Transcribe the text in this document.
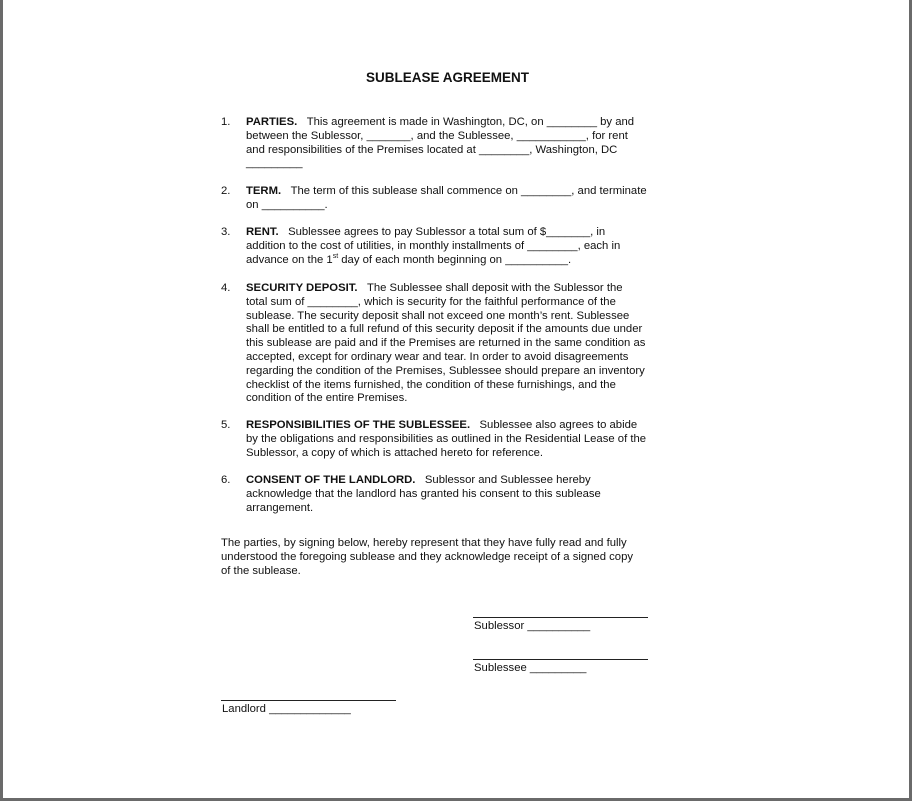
SUBLEASE AGREEMENT
1. PARTIES. This agreement is made in Washington, DC, on ________ by and
between the Sublessor, _______, and the Sublessee, ___________, for rent
and responsibilities of the Premises located at ________, Washington, DC
_________
2. TERM. The term of this sublease shall commence on ________, and terminate
on __________.
3. RENT. Sublessee agrees to pay Sublessor a total sum of $_______, in
addition to the cost of utilities, in monthly installments of ________, each in
advance on the 1st day of each month beginning on __________.
4. SECURITY DEPOSIT. The Sublessee shall deposit with the Sublessor the
total sum of ________, which is security for the faithful performance of the
sublease. The security deposit shall not exceed one month’s rent. Sublessee
shall be entitled to a full refund of this security deposit if the amounts due under
this sublease are paid and if the Premises are returned in the same condition as
accepted, except for ordinary wear and tear. In order to avoid disagreements
regarding the condition of the Premises, Sublessee should prepare an inventory
checklist of the items furnished, the condition of these furnishings, and the
condition of the entire Premises.
5. RESPONSIBILITIES OF THE SUBLESSEE. Sublessee also agrees to abide
by the obligations and responsibilities as outlined in the Residential Lease of the
Sublessor, a copy of which is attached hereto for reference.
6. CONSENT OF THE LANDLORD. Sublessor and Sublessee hereby
acknowledge that the landlord has granted his consent to this sublease
arrangement.
The parties, by signing below, hereby represent that they have fully read and fully
understood the foregoing sublease and they acknowledge receipt of a signed copy
of the sublease.
Sublessor __________
Sublessee _________
Landlord _____________
